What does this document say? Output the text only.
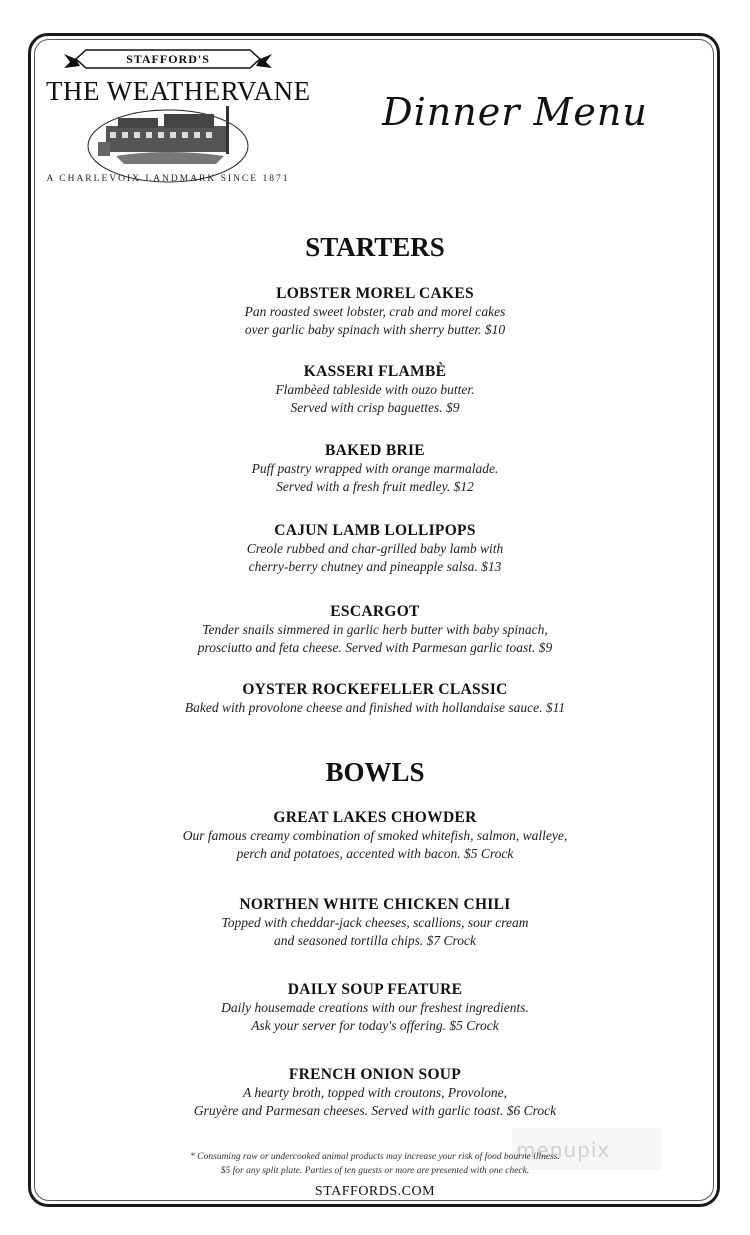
STAFFORD'S
THE WEATHERVANE
A CHARLEVOIX LANDMARK SINCE 1871
Dinner Menu
STARTERS
LOBSTER MOREL CAKES
Pan roasted sweet lobster, crab and morel cakes
over garlic baby spinach with sherry butter. $10
KASSERI FLAMBÈ
Flambèed tableside with ouzo butter.
Served with crisp baguettes. $9
BAKED BRIE
Puff pastry wrapped with orange marmalade.
Served with a fresh fruit medley. $12
CAJUN LAMB LOLLIPOPS
Creole rubbed and char-grilled baby lamb with
cherry-berry chutney and pineapple salsa. $13
ESCARGOT
Tender snails simmered in garlic herb butter with baby spinach,
prosciutto and feta cheese. Served with Parmesan garlic toast. $9
OYSTER ROCKEFELLER CLASSIC
Baked with provolone cheese and finished with hollandaise sauce. $11
BOWLS
GREAT LAKES CHOWDER
Our famous creamy combination of smoked whitefish, salmon, walleye,
perch and potatoes, accented with bacon. $5 Crock
NORTHEN WHITE CHICKEN CHILI
Topped with cheddar-jack cheeses, scallions, sour cream
and seasoned tortilla chips. $7 Crock
DAILY SOUP FEATURE
Daily housemade creations with our freshest ingredients.
Ask your server for today's offering. $5 Crock
FRENCH ONION SOUP
A hearty broth, topped with croutons, Provolone,
Gruyère and Parmesan cheeses. Served with garlic toast. $6 Crock
menupix
* Consuming raw or undercooked animal products may increase your risk of food bourne illness.
$5 for any split plate. Parties of ten guests or more are presented with one check.
STAFFORDS.COM
